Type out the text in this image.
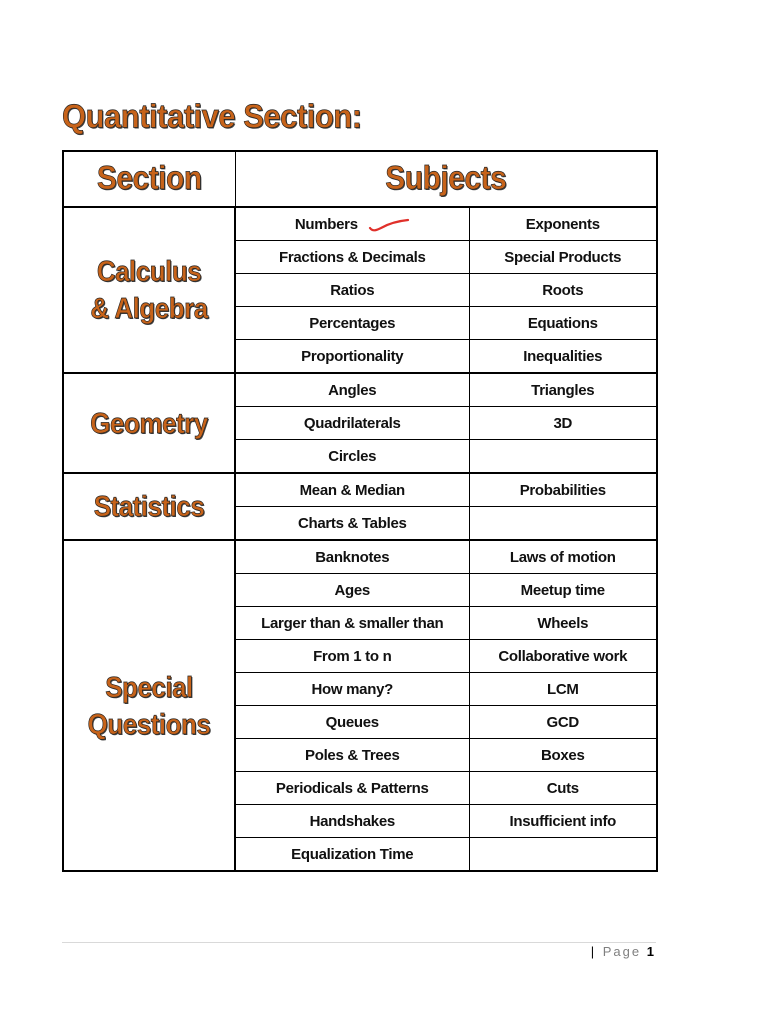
Quantitative Section:
Section	Subjects	
Calculus
& Algebra	Numbers	Exponents
	Fractions & Decimals	Special Products
	Ratios	Roots
	Percentages	Equations
	Proportionality	Inequalities
Geometry	Angles	Triangles
	Quadrilaterals	3D
	Circles	
Statistics	Mean & Median	Probabilities
	Charts & Tables	
Special
Questions	Banknotes	Laws of motion
	Ages	Meetup time
	Larger than & smaller than	Wheels
	From 1 to n	Collaborative work
	How many?	LCM
	Queues	GCD
	Poles & Trees	Boxes
	Periodicals & Patterns	Cuts
	Handshakes	Insufficient info
	Equalization Time	
| Page 1
